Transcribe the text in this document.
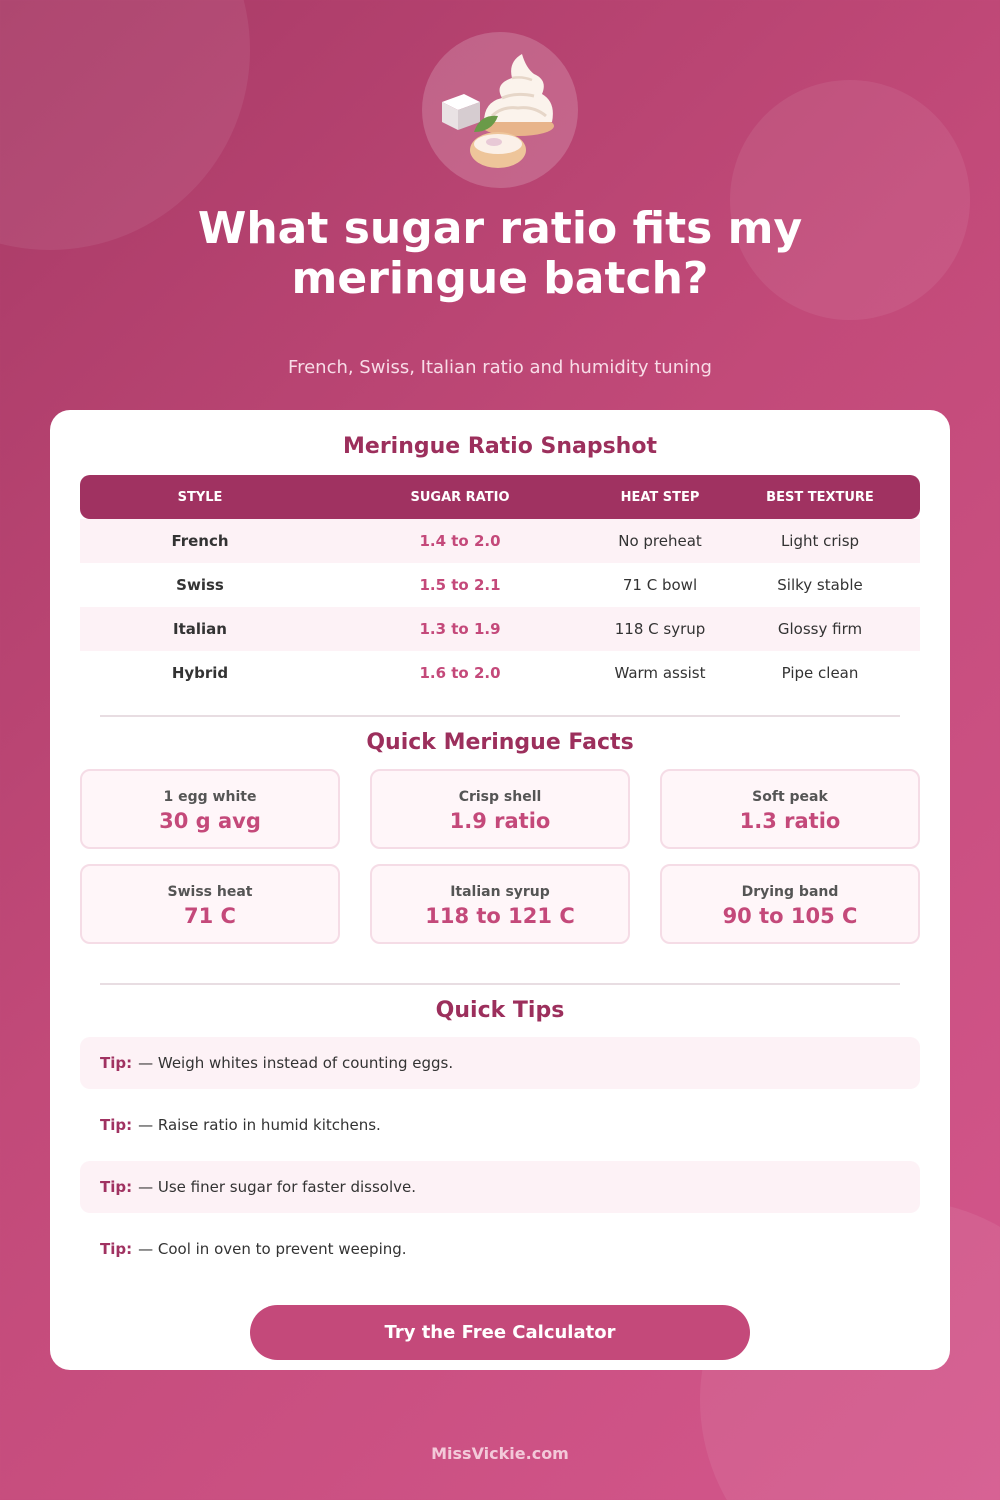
What sugar ratio fits my meringue batch?
French, Swiss, Italian ratio and humidity tuning
Meringue Ratio Snapshot
STYLE	SUGAR RATIO	HEAT STEP	BEST TEXTURE
French	1.4 to 2.0	No preheat	Light crisp
Swiss	1.5 to 2.1	71 C bowl	Silky stable
Italian	1.3 to 1.9	118 C syrup	Glossy firm
Hybrid	1.6 to 2.0	Warm assist	Pipe clean
Quick Meringue Facts
1 egg white
30 g avg
Crisp shell
1.9 ratio
Soft peak
1.3 ratio
Swiss heat
71 C
Italian syrup
118 to 121 C
Drying band
90 to 105 C
Quick Tips
Tip: — Weigh whites instead of counting eggs.
Tip: — Raise ratio in humid kitchens.
Tip: — Use finer sugar for faster dissolve.
Tip: — Cool in oven to prevent weeping.
Try the Free Calculator
MissVickie.com
